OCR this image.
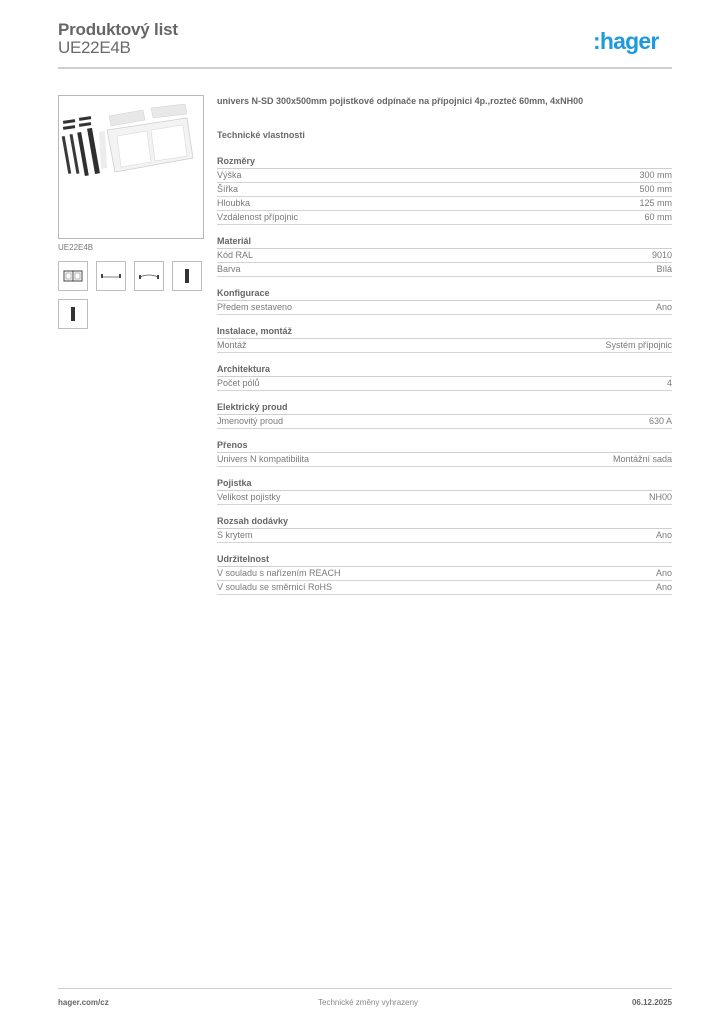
Produktový list
UE22E4B	:hager
UE22E4B
univers N-SD 300x500mm pojistkové odpínače na přípojnici 4p.,rozteč 60mm, 4xNH00
Technické vlastnosti
Rozměry
Výška	300 mm
Šířka	500 mm
Hloubka	125 mm
Vzdálenost přípojnic	60 mm
Materiál
Kód RAL	9010
Barva	Bílá
Konfigurace
Předem sestaveno	Ano
Instalace, montáž
Montáž	Systém přípojnic
Architektura
Počet pólů	4
Elektrický proud
Jmenovitý proud	630 A
Přenos
Univers N kompatibilita	Montážní sada
Pojistka
Velikost pojistky	NH00
Rozsah dodávky
S krytem	Ano
Udržitelnost
V souladu s nařízením REACH	Ano
V souladu se směrnicí RoHS	Ano
hager.com/cz	Technické změny vyhrazeny	06.12.2025
